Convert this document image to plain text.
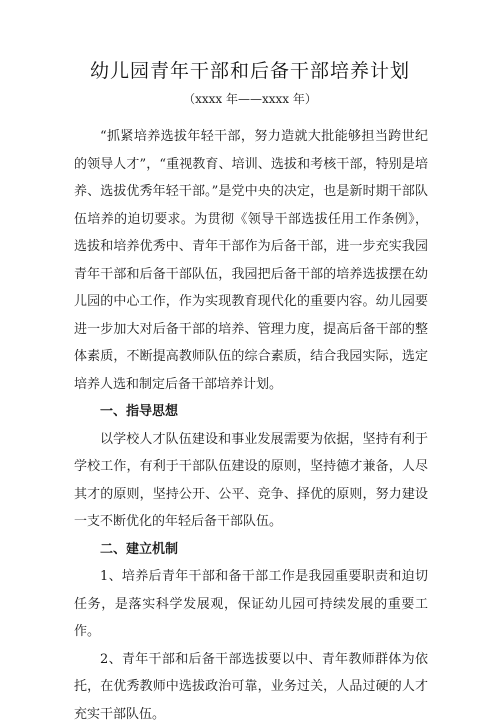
幼儿园青年干部和后备干部培养计划
（xxxx 年——xxxx 年）

“抓紧培养选拔年轻干部，努力造就大批能够担当跨世纪的领导人才”，“重视教育、培训、选拔和考核干部，特别是培养、选拔优秀年轻干部。”是党中央的决定，也是新时期干部队伍培养的迫切要求。为贯彻《领导干部选拔任用工作条例》，选拔和培养优秀中、青年干部作为后备干部，进一步充实我园青年干部和后备干部队伍，我园把后备干部的培养选拔摆在幼儿园的中心工作，作为实现教育现代化的重要内容。幼儿园要进一步加大对后备干部的培养、管理力度，提高后备干部的整体素质，不断提高教师队伍的综合素质，结合我园实际，选定培养人选和制定后备干部培养计划。

一、指导思想

以学校人才队伍建设和事业发展需要为依据，坚持有利于学校工作，有利于干部队伍建设的原则，坚持德才兼备，人尽其才的原则，坚持公开、公平、竞争、择优的原则，努力建设一支不断优化的年轻后备干部队伍。

二、建立机制

1、培养后青年干部和备干部工作是我园重要职责和迫切任务，是落实科学发展观，保证幼儿园可持续发展的重要工作。

2、青年干部和后备干部选拔要以中、青年教师群体为依托，在优秀教师中选拔政治可靠，业务过关，人品过硬的人才充实干部队伍。
